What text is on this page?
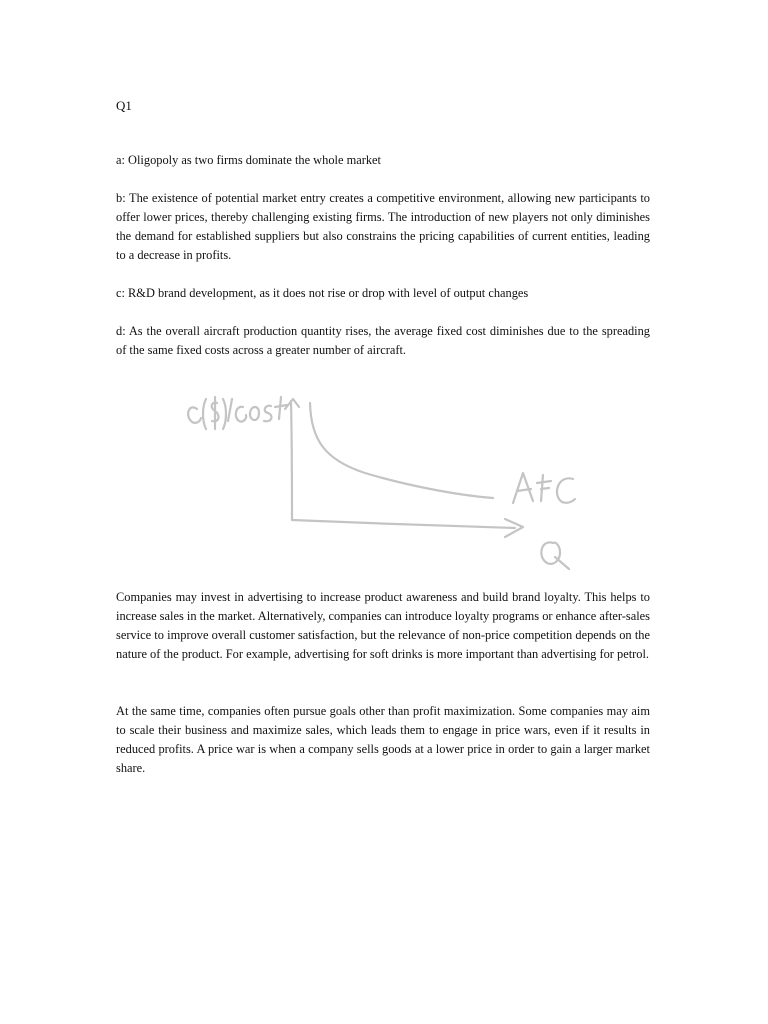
Q1

a: Oligopoly as two firms dominate the whole market

b: The existence of potential market entry creates a competitive environment, allowing new participants to offer lower prices, thereby challenging existing firms. The introduction of new players not only diminishes the demand for established suppliers but also constrains the pricing capabilities of current entities, leading to a decrease in profits.

c: R&D brand development, as it does not rise or drop with level of output changes

d: As the overall aircraft production quantity rises, the average fixed cost diminishes due to the spreading of the same fixed costs across a greater number of aircraft.

Companies may invest in advertising to increase product awareness and build brand loyalty. This helps to increase sales in the market. Alternatively, companies can introduce loyalty programs or enhance after-sales service to improve overall customer satisfaction, but the relevance of non-price competition depends on the nature of the product. For example, advertising for soft drinks is more important than advertising for petrol.

At the same time, companies often pursue goals other than profit maximization. Some companies may aim to scale their business and maximize sales, which leads them to engage in price wars, even if it results in reduced profits. A price war is when a company sells goods at a lower price in order to gain a larger market share.
